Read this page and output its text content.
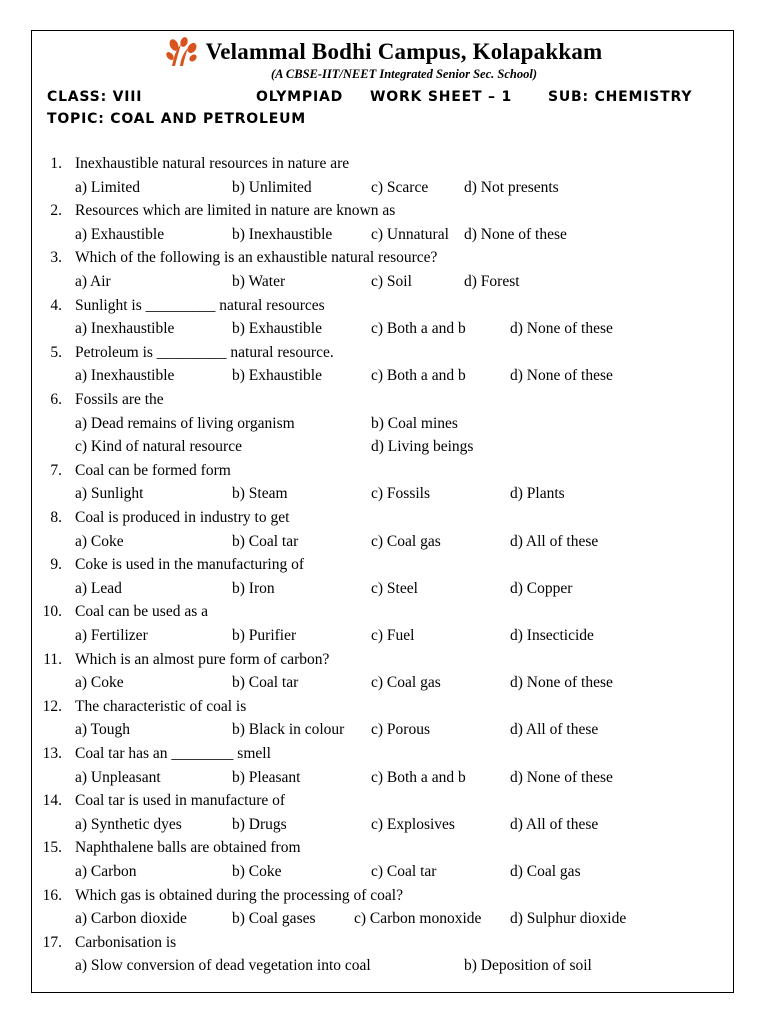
Velammal Bodhi Campus, Kolapakkam
(A CBSE-IIT/NEET Integrated Senior Sec. School)
CLASS: VIII	OLYMPIAD WORK SHEET – 1	SUB: CHEMISTRY
TOPIC: COAL AND PETROLEUM
1. Inexhaustible natural resources in nature are
a) Limited	b) Unlimited	c) Scarce d) Not presents
2. Resources which are limited in nature are known as
a) Exhaustible	b) Inexhaustible c) Unnatural d) None of these
3. Which of the following is an exhaustible natural resource?
a) Air	b) Water	c) Soil	d) Forest
4. Sunlight is _________ natural resources
a) Inexhaustible	b) Exhaustible	c) Both a and b	d) None of these
5. Petroleum is _________ natural resource.
a) Inexhaustible	b) Exhaustible	c) Both a and b	d) None of these
6. Fossils are the
a) Dead remains of living organism	b) Coal mines
c) Kind of natural resource	d) Living beings
7. Coal can be formed form
a) Sunlight	b) Steam	c) Fossils	d) Plants
8. Coal is produced in industry to get
a) Coke	b) Coal tar	c) Coal gas	d) All of these
9. Coke is used in the manufacturing of
a) Lead	b) Iron	c) Steel	d) Copper
10. Coal can be used as a
a) Fertilizer	b) Purifier	c) Fuel	d) Insecticide
11. Which is an almost pure form of carbon?
a) Coke	b) Coal tar	c) Coal gas	d) None of these
12. The characteristic of coal is
a) Tough	b) Black in colour c) Porous	d) All of these
13. Coal tar has an ________ smell
a) Unpleasant	b) Pleasant	c) Both a and b	d) None of these
14. Coal tar is used in manufacture of
a) Synthetic dyes	b) Drugs	c) Explosives	d) All of these
15. Naphthalene balls are obtained from
a) Carbon	b) Coke	c) Coal tar	d) Coal gas
16. Which gas is obtained during the processing of coal?
a) Carbon dioxide	b) Coal gases c) Carbon monoxide d) Sulphur dioxide
17. Carbonisation is
a) Slow conversion of dead vegetation into coal	b) Deposition of soil
